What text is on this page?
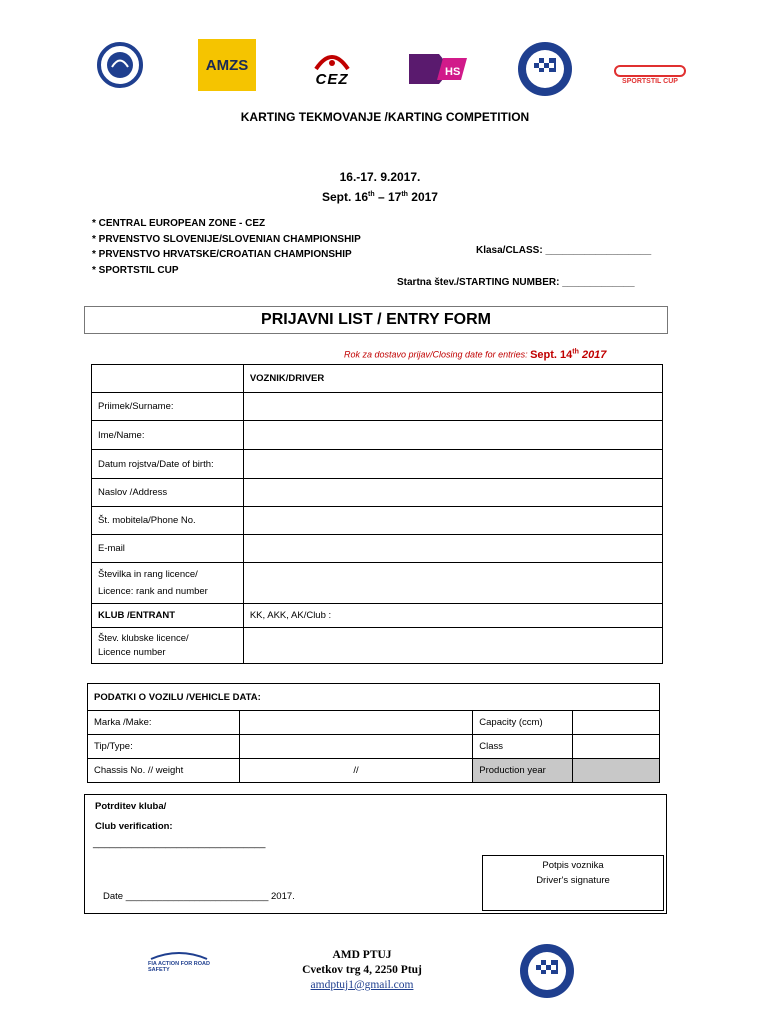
AMZS
CEZ	HS
SPORTSTIL CUP
KARTING TEKMOVANJE /KARTING COMPETITION
16.-17. 9.2017.
Sept. 16th – 17th 2017
* CENTRAL EUROPEAN ZONE - CEZ
* PRVENSTVO SLOVENIJE/SLOVENIAN CHAMPIONSHIP
* PRVENSTVO HRVATSKE/CROATIAN CHAMPIONSHIP
* SPORTSTIL CUP
Klasa/CLASS: ___________________
Startna štev./STARTING NUMBER: _____________
PRIJAVNI LIST / ENTRY FORM
Rok za dostavo prijav/Closing date for entries: Sept. 14th 2017
	VOZNIK/DRIVER
Priimek/Surname:	
Ime/Name:	
Datum rojstva/Date of birth:	
Naslov /Address	
Št. mobitela/Phone No.	
E-mail	

Številka in rang licence/
Licence: rank and number	

KLUB /ENTRANT	KK, AKK, AK/Club :

Štev. klubske licence/
Licence number	

PODATKI O VOZILU /VEHICLE DATA:			
Marka /Make:		Capacity (ccm)	
Tip/Type:		Class	
Chassis No. // weight	//	Production year	
Potrditev kluba/
Club verification:
_______________________________
Date ___________________________ 2017.
Potpis voznika
Driver's signature
FIA ACTION FOR ROAD SAFETY
AMD PTUJ
Cvetkov trg 4, 2250 Ptuj
amdptuj1@gmail.com
